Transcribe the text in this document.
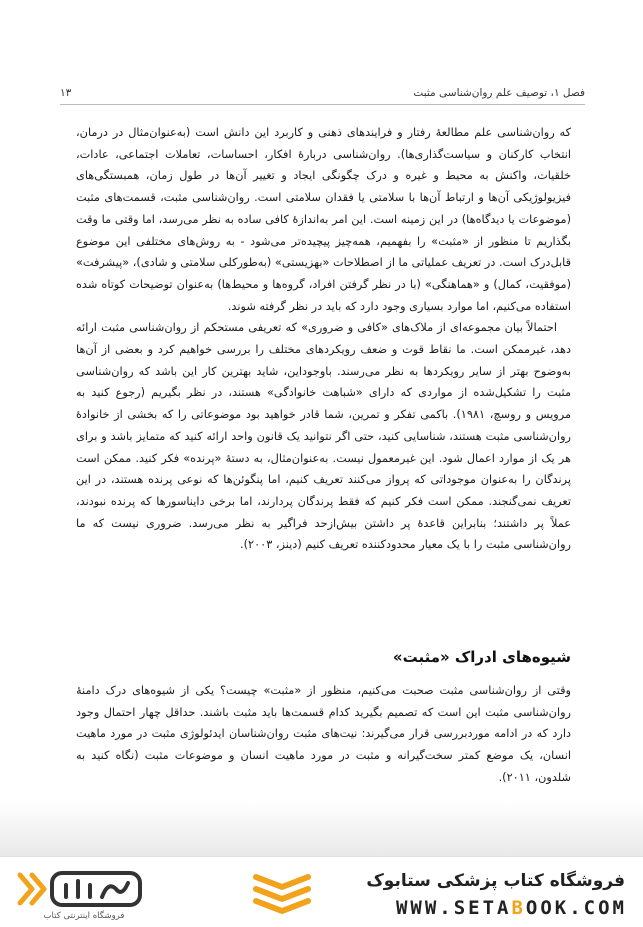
فصل ۱، توصیف علم روان‌شناسی مثبت
۱۳

که روان‌شناسی علم مطالعهٔ رفتار و فرایندهای ذهنی و کاربرد این دانش است (به‌عنوان‌مثال در درمان، انتخاب کارکنان و سیاست‌گذاری‌ها). روان‌شناسی دربارهٔ افکار، احساسات، تعاملات اجتماعی، عادات، خلقیات، واکنش به محیط و غیره و درک چگونگی ایجاد و تغییر آن‌ها در طول زمان، همبستگی‌های فیزیولوژیکی آن‌ها و ارتباط آن‌ها با سلامتی یا فقدان سلامتی است. روان‌شناسی مثبت، قسمت‌های مثبت (موضوعات یا دیدگاه‌ها) در این زمینه است. این امر به‌اندازهٔ کافی ساده به نظر می‌رسد، اما وقتی ما وقت بگذاریم تا منظور از «مثبت» را بفهمیم، همه‌چیز پیچیده‌تر می‌شود - به روش‌های مختلفی این موضوع قابل‌درک است. در تعریف عملیاتی ما از اصطلاحات «بهزیستی» (به‌طورکلی سلامتی و شادی)، «پیشرفت» (موفقیت، کمال) و «هماهنگی» (با در نظر گرفتن افراد، گروه‌ها و محیط‌ها) به‌عنوان توضیحات کوتاه شده استفاده می‌کنیم، اما موارد بسیاری وجود دارد که باید در نظر گرفته شوند.

احتمالاً بیان مجموعه‌ای از ملاک‌های «کافی و ضروری» که تعریفی مستحکم از روان‌شناسی مثبت ارائه دهد، غیرممکن است. ما نقاط قوت و ضعف رویکردهای مختلف را بررسی خواهیم کرد و بعضی از آن‌ها به‌وضوح بهتر از سایر رویکردها به نظر می‌رسند. باوجوداین، شاید بهترین کار این باشد که روان‌شناسی مثبت را تشکیل‌شده از مواردی که دارای «شباهت خانوادگی» هستند، در نظر بگیریم (رجوع کنید به مرویس و روسچ، ۱۹۸۱). باکمی تفکر و تمرین، شما قادر خواهید بود موضوعاتی را که بخشی از خانوادهٔ روان‌شناسی مثبت هستند، شناسایی کنید، حتی اگر نتوانید یک قانون واحد ارائه کنید که متمایز باشد و برای هر یک از موارد اعمال شود. این غیرمعمول نیست. به‌عنوان‌مثال، به دستهٔ «پرنده» فکر کنید. ممکن است پرندگان را به‌عنوان موجوداتی که پرواز می‌کنند تعریف کنیم، اما پنگوئن‌ها که نوعی پرنده هستند، در این تعریف نمی‌گنجند. ممکن است فکر کنیم که فقط پرندگان پردارند، اما برخی دایناسورها که پرنده نبودند، عملاً پر داشتند؛ بنابراین قاعدهٔ پر داشتن بیش‌ازحد فراگیر به نظر می‌رسد. ضروری نیست که ما روان‌شناسی مثبت را با یک معیار محدودکننده تعریف کنیم (دینز، ۲۰۰۳).

شیوه‌های ادراک «مثبت»

وقتی از روان‌شناسی مثبت صحبت می‌کنیم، منظور از «مثبت» چیست؟ یکی از شیوه‌های درک دامنهٔ روان‌شناسی مثبت این است که تصمیم بگیرید کدام قسمت‌ها باید مثبت باشند. حداقل چهار احتمال وجود دارد که در ادامه موردبررسی قرار می‌گیرند: نیت‌های مثبت روان‌شناسان ایدئولوژی مثبت در مورد ماهیت انسان، یک موضع کمتر سخت‌گیرانه و مثبت در مورد ماهیت انسان و موضوعات مثبت (نگاه کنید به شلدون، ۲۰۱۱).

فروشگاه اینترنتی کتاب
فروشگاه کتاب پزشکی ستابوک
WWW.SETABOOK.COM
